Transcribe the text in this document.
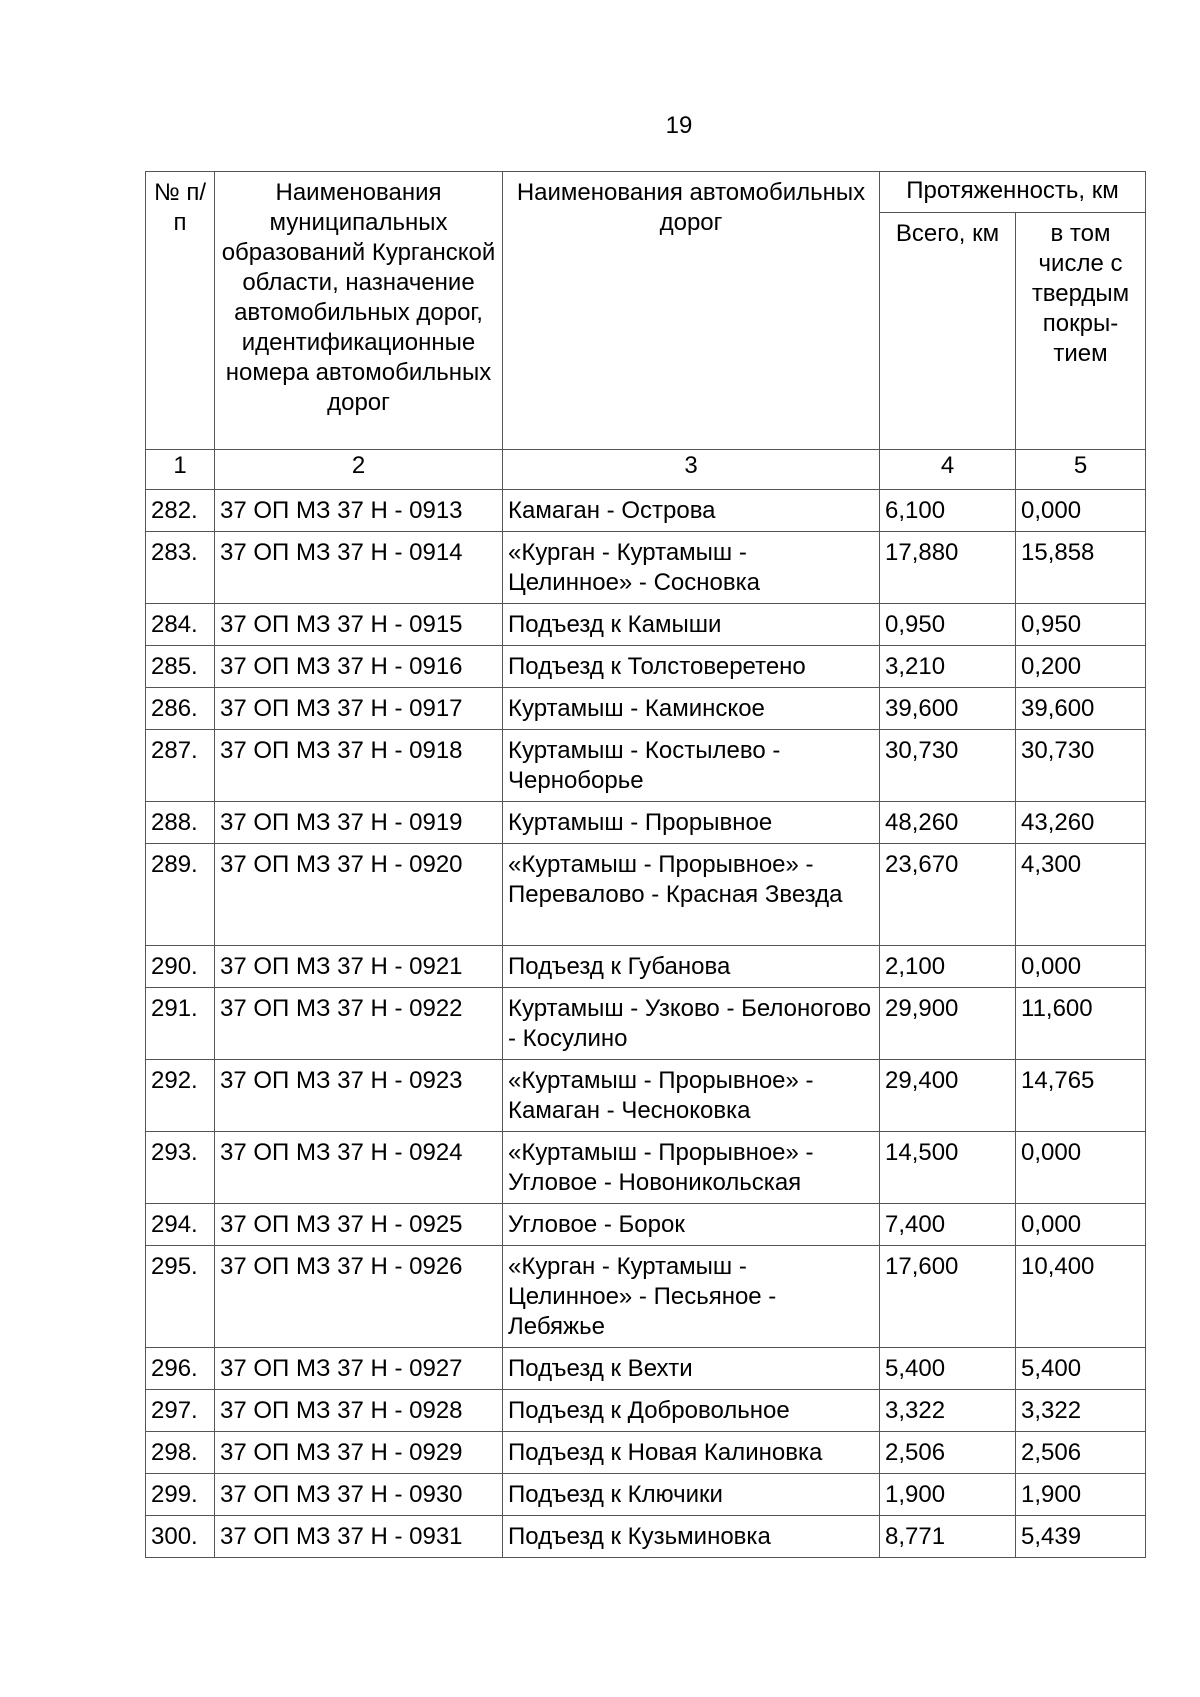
19
№ п/п	Наименования муниципальных образований Курганской области, назначение автомобильных дорог, идентификационные номера автомобильных дорог	Наименования автомобильных дорог	Протяженность, км	
			Всего, км	в том числе с твердым покры-тием
1	2	3	4	5
282.	37 ОП МЗ 37 Н - 0913	Камаган - Острова	6,100	0,000
283.	37 ОП МЗ 37 Н - 0914	«Курган - Куртамыш - Целинное» - Сосновка	17,880	15,858
284.	37 ОП МЗ 37 Н - 0915	Подъезд к Камыши	0,950	0,950
285.	37 ОП МЗ 37 Н - 0916	Подъезд к Толстоверетено	3,210	0,200
286.	37 ОП МЗ 37 Н - 0917	Куртамыш - Каминское	39,600	39,600
287.	37 ОП МЗ 37 Н - 0918	Куртамыш - Костылево - Черноборье	30,730	30,730
288.	37 ОП МЗ 37 Н - 0919	Куртамыш - Прорывное	48,260	43,260
289.	37 ОП МЗ 37 Н - 0920	«Куртамыш - Прорывное» - Перевалово - Красная Звезда	23,670	4,300
290.	37 ОП МЗ 37 Н - 0921	Подъезд к Губанова	2,100	0,000
291.	37 ОП МЗ 37 Н - 0922	Куртамыш - Узково - Белоногово - Косулино	29,900	11,600
292.	37 ОП МЗ 37 Н - 0923	«Куртамыш - Прорывное» - Камаган - Чесноковка	29,400	14,765
293.	37 ОП МЗ 37 Н - 0924	«Куртамыш - Прорывное» - Угловое - Новоникольская	14,500	0,000
294.	37 ОП МЗ 37 Н - 0925	Угловое - Борок	7,400	0,000
295.	37 ОП МЗ 37 Н - 0926	«Курган - Куртамыш - Целинное» - Песьяное - Лебяжье	17,600	10,400
296.	37 ОП МЗ 37 Н - 0927	Подъезд к Вехти	5,400	5,400
297.	37 ОП МЗ 37 Н - 0928	Подъезд к Добровольное	3,322	3,322
298.	37 ОП МЗ 37 Н - 0929	Подъезд к Новая Калиновка	2,506	2,506
299.	37 ОП МЗ 37 Н - 0930	Подъезд к Ключики	1,900	1,900
300.	37 ОП МЗ 37 Н - 0931	Подъезд к Кузьминовка	8,771	5,439
